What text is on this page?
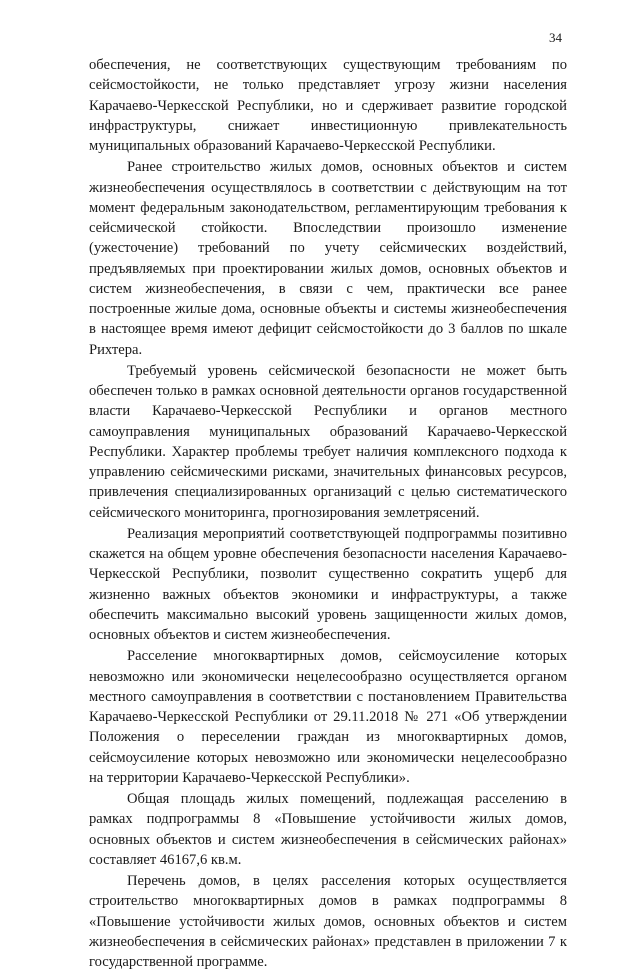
34

обеспечения, не соответствующих существующим требованиям по сейсмостойкости, не только представляет угрозу жизни населения Карачаево-Черкесской Республики, но и сдерживает развитие городской инфраструктуры, снижает инвестиционную привлекательность муниципальных образований Карачаево-Черкесской Республики.

Ранее строительство жилых домов, основных объектов и систем жизнеобеспечения осуществлялось в соответствии с действующим на тот момент федеральным законодательством, регламентирующим требования к сейсмической стойкости. Впоследствии произошло изменение (ужесточение) требований по учету сейсмических воздействий, предъявляемых при проектировании жилых домов, основных объектов и систем жизнеобеспечения, в связи с чем, практически все ранее построенные жилые дома, основные объекты и системы жизнеобеспечения в настоящее время имеют дефицит сейсмостойкости до 3 баллов по шкале Рихтера.

Требуемый уровень сейсмической безопасности не может быть обеспечен только в рамках основной деятельности органов государственной власти Карачаево-Черкесской Республики и органов местного самоуправления муниципальных образований Карачаево-Черкесской Республики. Характер проблемы требует наличия комплексного подхода к управлению сейсмическими рисками, значительных финансовых ресурсов, привлечения специализированных организаций с целью систематического сейсмического мониторинга, прогнозирования землетрясений.

Реализация мероприятий соответствующей подпрограммы позитивно скажется на общем уровне обеспечения безопасности населения Карачаево-Черкесской Республики, позволит существенно сократить ущерб для жизненно важных объектов экономики и инфраструктуры, а также обеспечить максимально высокий уровень защищенности жилых домов, основных объектов и систем жизнеобеспечения.

Расселение многоквартирных домов, сейсмоусиление которых невозможно или экономически нецелесообразно осуществляется органом местного самоуправления в соответствии с постановлением Правительства Карачаево-Черкесской Республики от 29.11.2018 № 271 «Об утверждении Положения о переселении граждан из многоквартирных домов, сейсмоусиление которых невозможно или экономически нецелесообразно на территории Карачаево-Черкесской Республики».

Общая площадь жилых помещений, подлежащая расселению в рамках подпрограммы 8 «Повышение устойчивости жилых домов, основных объектов и систем жизнеобеспечения в сейсмических районах» составляет 46167,6 кв.м.

Перечень домов, в целях расселения которых осуществляется строительство многоквартирных домов в рамках подпрограммы 8 «Повышение устойчивости жилых домов, основных объектов и систем жизнеобеспечения в сейсмических районах» представлен в приложении 7 к государственной программе.
